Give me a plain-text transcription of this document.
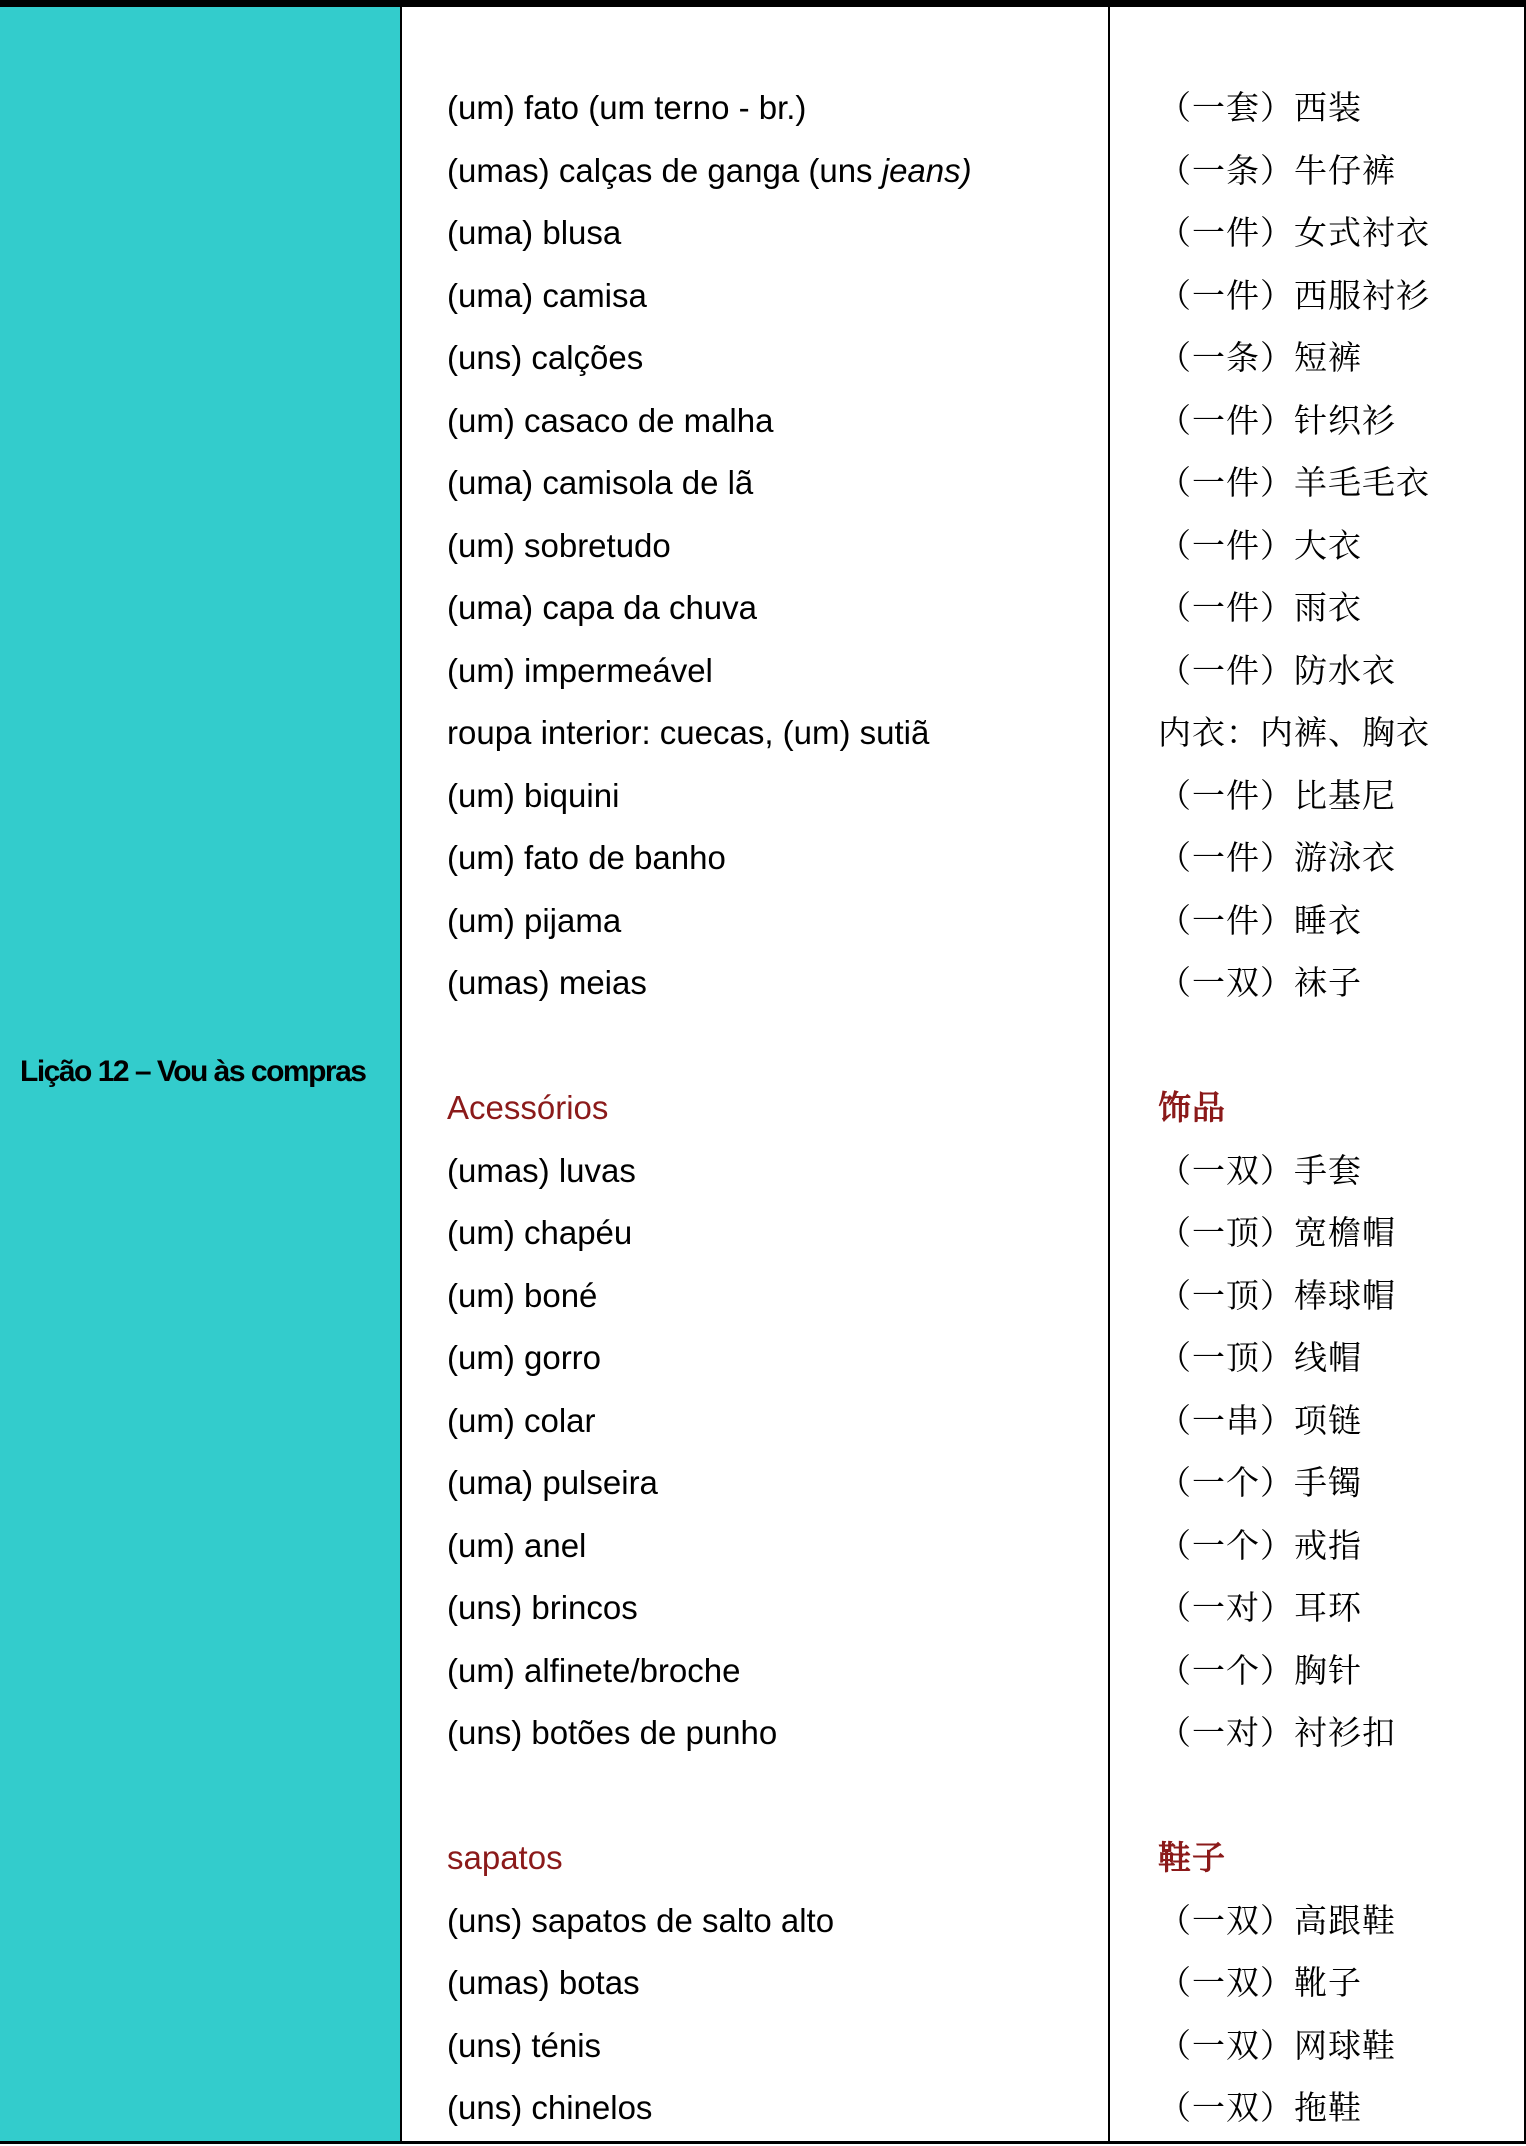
Lição 12 – Vou às compras
(um) fato (um terno - br.)
(umas) calças de ganga (uns jeans)
(uma) blusa
(uma) camisa
(uns) calções
(um) casaco de malha
(uma) camisola de lã
(um) sobretudo
(uma) capa da chuva
(um) impermeável
roupa interior: cuecas, (um) sutiã
(um) biquini
(um) fato de banho
(um) pijama
(umas) meias
Acessórios
(umas) luvas
(um) chapéu
(um) boné
(um) gorro
(um) colar
(uma) pulseira
(um) anel
(uns) brincos
(um) alfinete/broche
(uns) botões de punho
sapatos
(uns) sapatos de salto alto
(umas) botas
(uns) ténis
(uns) chinelos
（一套）西装
（一条）牛仔裤
（一件）女式衬衣
（一件）西服衬衫
（一条）短裤
（一件）针织衫
（一件）羊毛毛衣
（一件）大衣
（一件）雨衣
（一件）防水衣
内衣：内裤、胸衣
（一件）比基尼
（一件）游泳衣
（一件）睡衣
（一双）袜子
饰品
（一双）手套
（一顶）宽檐帽
（一顶）棒球帽
（一顶）线帽
（一串）项链
（一个）手镯
（一个）戒指
（一对）耳环
（一个）胸针
（一对）衬衫扣
鞋子
（一双）高跟鞋
（一双）靴子
（一双）网球鞋
（一双）拖鞋
